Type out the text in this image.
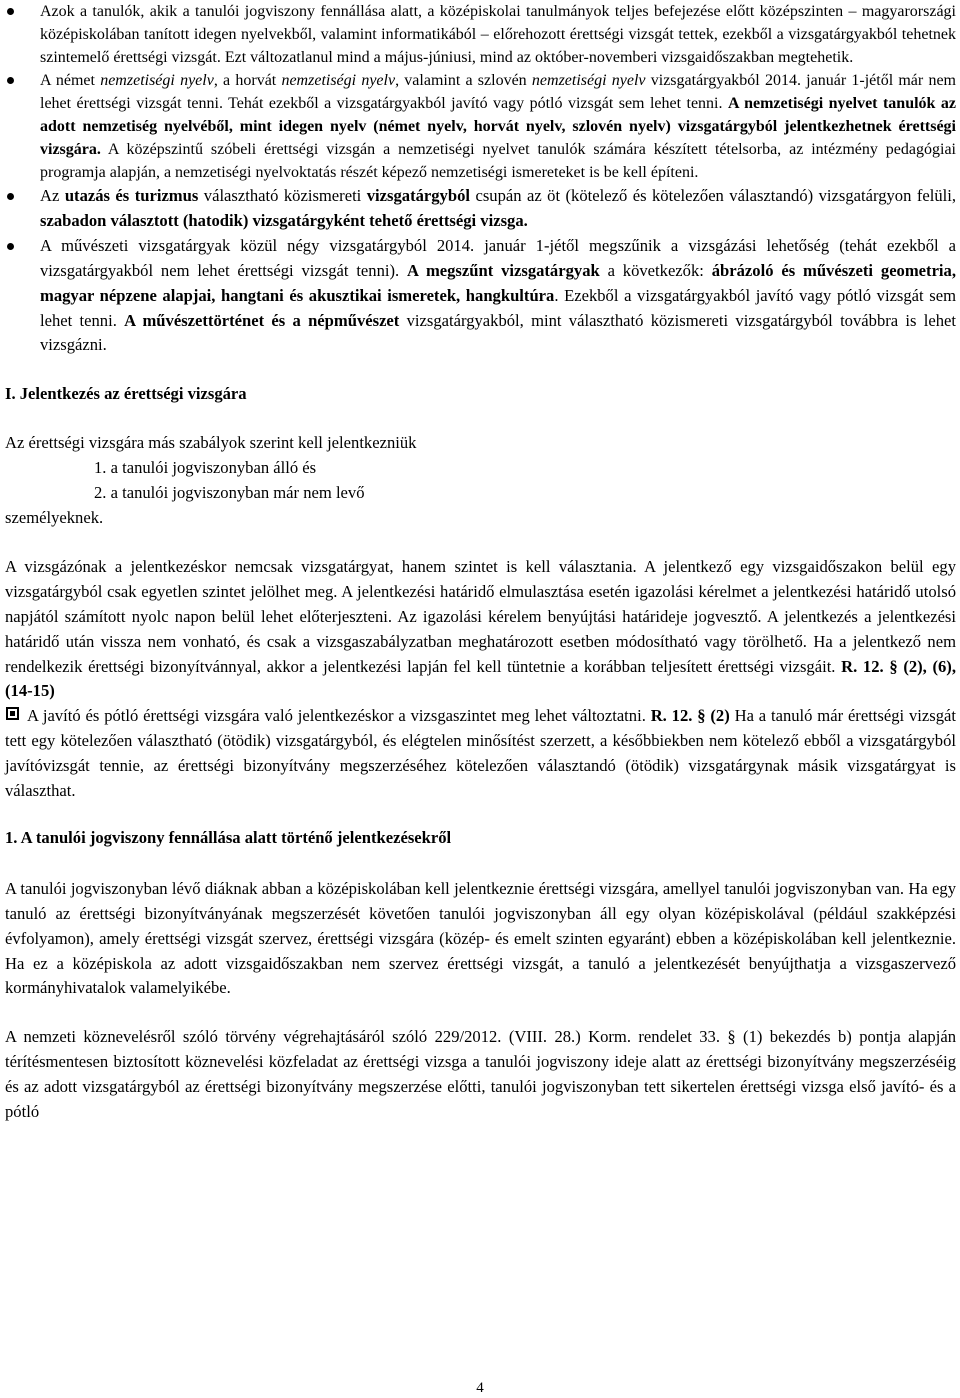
Azok a tanulók, akik a tanulói jogviszony fennállása alatt, a középiskolai tanulmányok teljes befejezése előtt középszinten – magyarországi középiskolában tanított idegen nyelvekből, valamint informatikából – előrehozott érettségi vizsgát tettek, ezekből a vizsgatárgyakból tehetnek szintemelő érettségi vizsgát. Ezt változatlanul mind a május-júniusi, mind az október-novemberi vizsgaidőszakban megtehetik.
A német nemzetiségi nyelv, a horvát nemzetiségi nyelv, valamint a szlovén nemzetiségi nyelv vizsgatárgyakból 2014. január 1-jétől már nem lehet érettségi vizsgát tenni. Tehát ezekből a vizsgatárgyakból javító vagy pótló vizsgát sem lehet tenni. A nemzetiségi nyelvet tanulók az adott nemzetiség nyelvéből, mint idegen nyelv (német nyelv, horvát nyelv, szlovén nyelv) vizsgatárgyból jelentkezhetnek érettségi vizsgára. A középszintű szóbeli érettségi vizsgán a nemzetiségi nyelvet tanulók számára készített tételsorba, az intézmény pedagógiai programja alapján, a nemzetiségi nyelvoktatás részét képező nemzetiségi ismereteket is be kell építeni.
Az utazás és turizmus választható közismereti vizsgatárgyból csupán az öt (kötelező és kötelezően választandó) vizsgatárgyon felüli, szabadon választott (hatodik) vizsgatárgyként tehető érettségi vizsga.
A művészeti vizsgatárgyak közül négy vizsgatárgyból 2014. január 1-jétől megszűnik a vizsgázási lehetőség (tehát ezekből a vizsgatárgyakból nem lehet érettségi vizsgát tenni). A megszűnt vizsgatárgyak a következők: ábrázoló és művészeti geometria, magyar népzene alapjai, hangtani és akusztikai ismeretek, hangkultúra. Ezekből a vizsgatárgyakból javító vagy pótló vizsgát sem lehet tenni. A művészettörténet és a népművészet vizsgatárgyakból, mint választható közismereti vizsgatárgyból továbbra is lehet vizsgázni.

I. Jelentkezés az érettségi vizsgára

Az érettségi vizsgára más szabályok szerint kell jelentkezniük

1. a tanulói jogviszonyban álló és

2. a tanulói jogviszonyban már nem levő

személyeknek.

A vizsgázónak a jelentkezéskor nemcsak vizsgatárgyat, hanem szintet is kell választania. A jelentkező egy vizsgaidőszakon belül egy vizsgatárgyból csak egyetlen szintet jelölhet meg. A jelentkezési határidő elmulasztása esetén igazolási kérelmet a jelentkezési határidő utolsó napjától számított nyolc napon belül lehet előterjeszteni. Az igazolási kérelem benyújtási határideje jogvesztő. A jelentkezés a jelentkezési határidő után vissza nem vonható, és csak a vizsgaszabályzatban meghatározott esetben módosítható vagy törölhető. Ha a jelentkező nem rendelkezik érettségi bizonyítvánnyal, akkor a jelentkezési lapján fel kell tüntetnie a korábban teljesített érettségi vizsgáit. R. 12. § (2), (6), (14-15)

A javító és pótló érettségi vizsgára való jelentkezéskor a vizsgaszintet meg lehet változtatni. R. 12. § (2) Ha a tanuló már érettségi vizsgát tett egy kötelezően választható (ötödik) vizsgatárgyból, és elégtelen minősítést szerzett, a későbbiekben nem kötelező ebből a vizsgatárgyból javítóvizsgát tennie, az érettségi bizonyítvány megszerzéséhez kötelezően választandó (ötödik) vizsgatárgynak másik vizsgatárgyat is választhat.

1. A tanulói jogviszony fennállása alatt történő jelentkezésekről

A tanulói jogviszonyban lévő diáknak abban a középiskolában kell jelentkeznie érettségi vizsgára, amellyel tanulói jogviszonyban van. Ha egy tanuló az érettségi bizonyítványának megszerzését követően tanulói jogviszonyban áll egy olyan középiskolával (például szakképzési évfolyamon), amely érettségi vizsgát szervez, érettségi vizsgára (közép- és emelt szinten egyaránt) ebben a középiskolában kell jelentkeznie. Ha ez a középiskola az adott vizsgaidőszakban nem szervez érettségi vizsgát, a tanuló a jelentkezését benyújthatja a vizsgaszervező kormányhivatalok valamelyikébe.

A nemzeti köznevelésről szóló törvény végrehajtásáról szóló 229/2012. (VIII. 28.) Korm. rendelet 33. § (1) bekezdés b) pontja alapján térítésmentesen biztosított köznevelési közfeladat az érettségi vizsga a tanulói jogviszony ideje alatt az érettségi bizonyítvány megszerzéséig és az adott vizsgatárgyból az érettségi bizonyítvány megszerzése előtti, tanulói jogviszonyban tett sikertelen érettségi vizsga első javító- és a pótló

4
